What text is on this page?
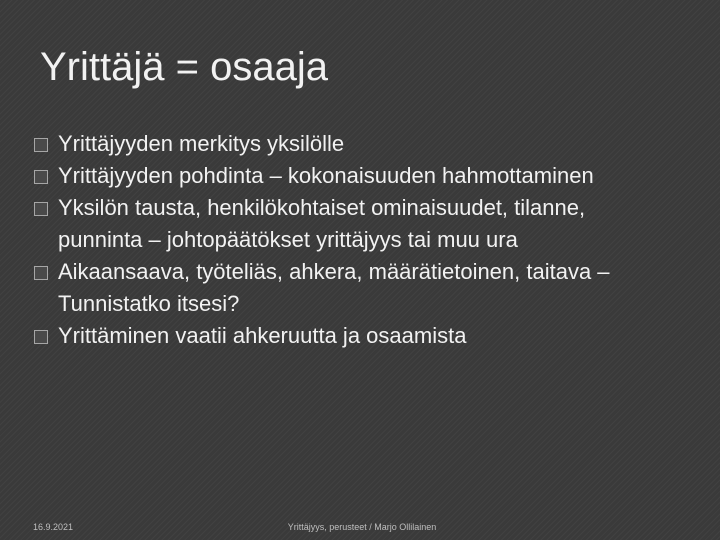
Yrittäjä = osaaja
Yrittäjyyden merkitys yksilölle
Yrittäjyyden pohdinta – kokonaisuuden hahmottaminen
Yksilön tausta, henkilökohtaiset ominaisuudet, tilanne, punninta – johtopäätökset yrittäjyys tai muu ura
Aikaansaava, työteliäs, ahkera, määrätietoinen, taitava – Tunnistatko itsesi?
Yrittäminen vaatii ahkeruutta ja osaamista
16.9.2021	Yrittäjyys, perusteet / Marjo Ollilainen
